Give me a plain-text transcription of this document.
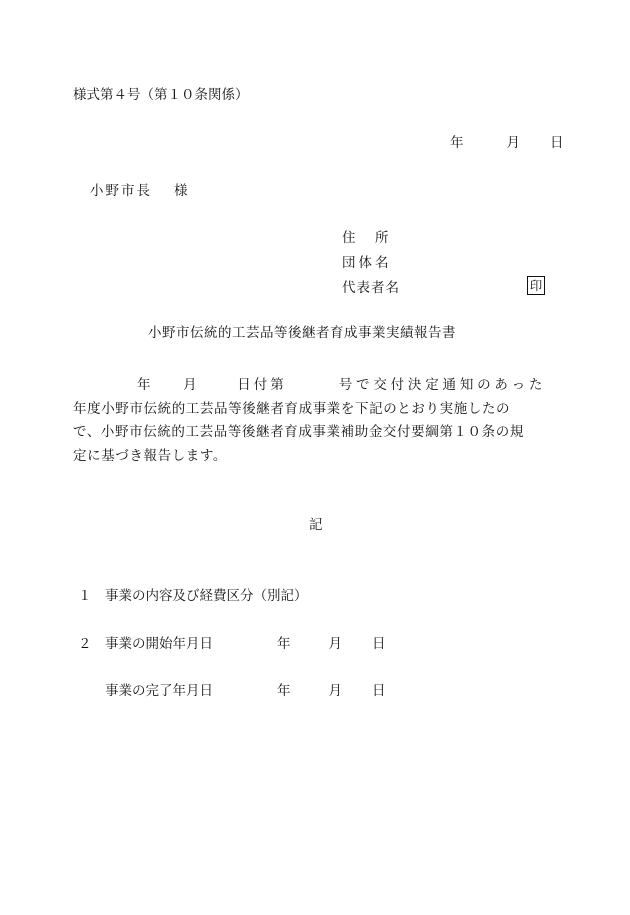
様式第４号（第１０条関係）
年	月 日
小野市長 様
住　所
団体名
代表者名	印
小野市伝統的工芸品等後継者育成事業実績報告書
年 月	日付第	号で交付決定通知のあった
年度小野市伝統的工芸品等後継者育成事業を下記のとおり実施したの
で、小野市伝統的工芸品等後継者育成事業補助金交付要綱第１０条の規
定に基づき報告します。
記
１ 事業の内容及び経費区分（別記）
２ 事業の開始年月日	年	月 日
事業の完了年月日	年	月 日
